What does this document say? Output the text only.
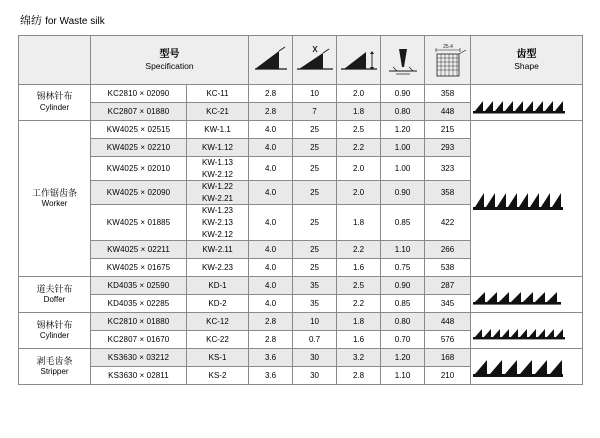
绵纺 for Waste silk

	型号
Specification						25.4	齿型
Shape

锡林针布
Cylinder	KC2810 × 02090	KC-11	2.8	10	2.0	0.90	358	

	KC2807 × 01880	KC-21	2.8	7	1.8	0.80	448	

工作锯齿条
Worker	KW4025 × 02515	KW-1.1	4.0	25	2.5	1.20	215	

	KW4025 × 02210	KW-1.12	4.0	25	2.2	1.00	293	
	KW4025 × 02010	KW-1.13
KW-2.12	4.0	25	2.0	1.00	323	
	KW4025 × 02090	KW-1.22
KW-2.21	4.0	25	2.0	0.90	358	
	KW4025 × 01885	KW-1.23
KW-2.13
KW-2.12	4.0	25	1.8	0.85	422	
	KW4025 × 02211	KW-2.11	4.0	25	2.2	1.10	266	
	KW4025 × 01675	KW-2.23	4.0	25	1.6	0.75	538	

道夫针布
Doffer	KD4035 × 02590	KD-1	4.0	35	2.5	0.90	287	

	KD4035 × 02285	KD-2	4.0	35	2.2	0.85	345	

锡林针布
Cylinder	KC2810 × 01880	KC-12	2.8	10	1.8	0.80	448	

	KC2807 × 01670	KC-22	2.8	0.7	1.6	0.70	576	

剥毛齿条
Stripper	KS3630 × 03212	KS-1	3.6	30	3.2	1.20	168	

	KS3630 × 02811	KS-2	3.6	30	2.8	1.10	210	
